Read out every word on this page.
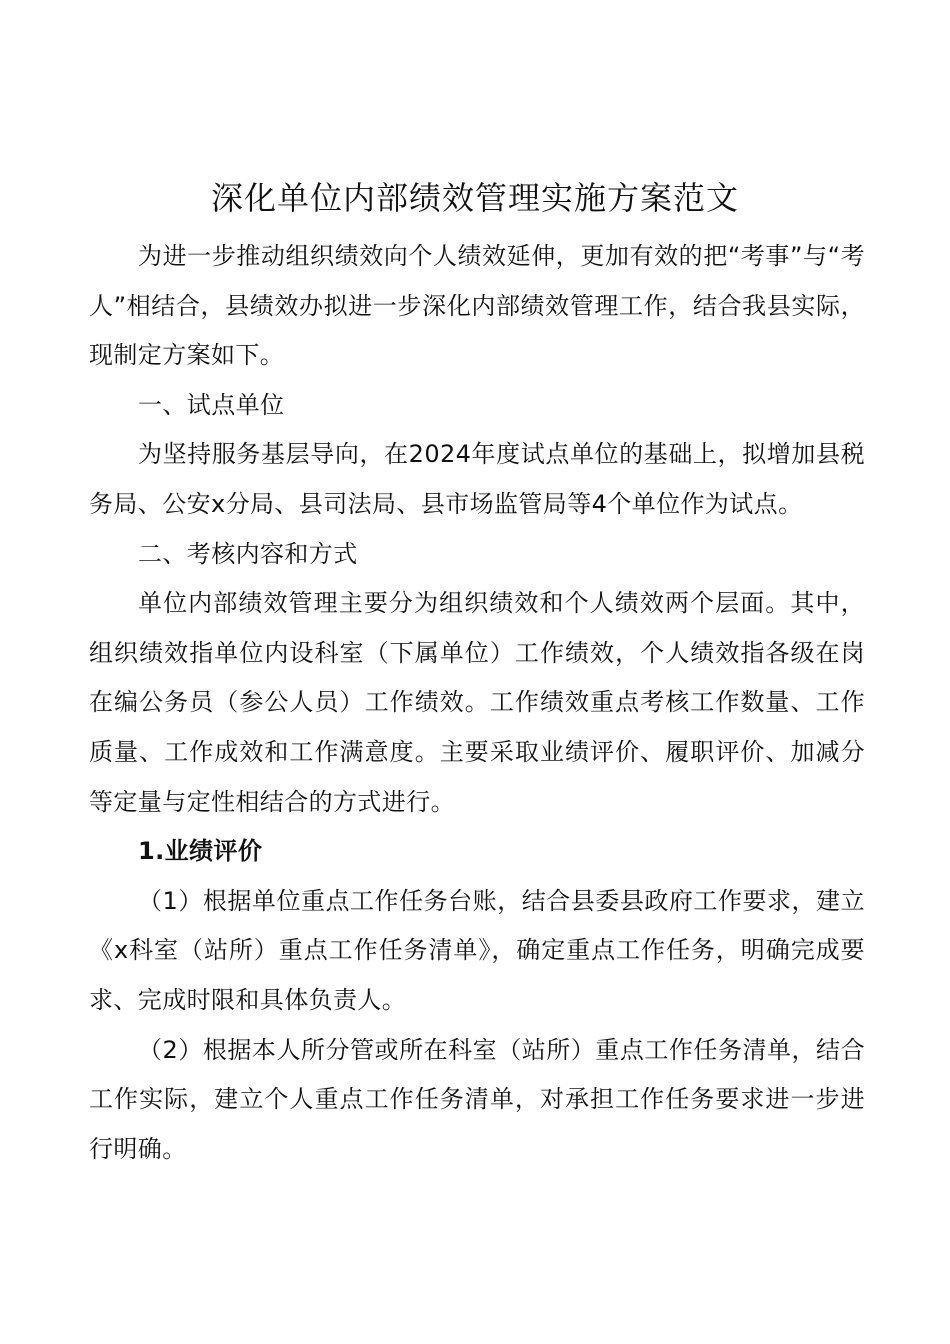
深化单位内部绩效管理实施方案范文

为进一步推动组织绩效向个人绩效延伸，更加有效的把“考事”与“考人”相结合，县绩效办拟进一步深化内部绩效管理工作，结合我县实际，现制定方案如下。

一、试点单位

为坚持服务基层导向，在2024年度试点单位的基础上，拟增加县税务局、公安x分局、县司法局、县市场监管局等4个单位作为试点。

二、考核内容和方式

单位内部绩效管理主要分为组织绩效和个人绩效两个层面。其中，组织绩效指单位内设科室（下属单位）工作绩效，个人绩效指各级在岗在编公务员（参公人员）工作绩效。工作绩效重点考核工作数量、工作质量、工作成效和工作满意度。主要采取业绩评价、履职评价、加减分等定量与定性相结合的方式进行。

1.业绩评价

（1）根据单位重点工作任务台账，结合县委县政府工作要求，建立《x科室（站所）重点工作任务清单》，确定重点工作任务，明确完成要求、完成时限和具体负责人。

（2）根据本人所分管或所在科室（站所）重点工作任务清单，结合工作实际，建立个人重点工作任务清单，对承担工作任务要求进一步进行明确。
